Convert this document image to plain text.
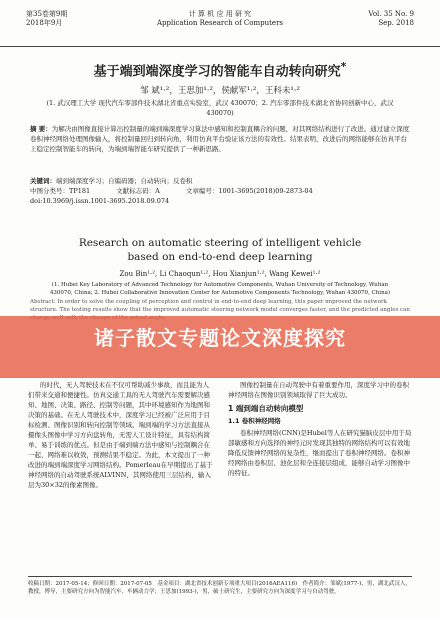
第35卷第9期
2018年9月
计 算 机 应 用 研 究
Application Research of Computers
Vol. 35 No. 9
Sep. 2018
基于端到端深度学习的智能车自动转向研究*
邹 斌¹·²，王思加¹·²，侯献军¹·²，王科未¹·²
(1. 武汉理工大学 现代汽车零部件技术湖北省重点实验室，武汉 430070；2. 汽车零部件技术湖北省协同创新中心，武汉 430070)
摘 要：为解决由图像直接计算出控制量的端到端深度学习算法中感知和控制直耦合的问题，对其网络结构进行了改进。通过建立深度卷积神经网络处理图像输入，将控制量回归到转向角，利用仿真平台验证该方法的有效性。结果表明，改进后的网络能够在仿真平台上稳定控制智能车的转向，为端到端智能车研究提供了一种新思路。
关键词：端到端深度学习；自编码器；自动转向；反卷积
中图分类号：TP181	文献标志码：A	文章编号：1001-3695(2018)09-2873-04
doi:10.3969/j.issn.1001-3695.2018.09.074
Research on automatic steering of intelligent vehicle
based on end-to-end deep learning
Zou Bin¹·², Li Chaoqun¹·², Hou Xianjun¹·², Wang Kewei¹·²
(1. Hubei Key Laboratory of Advanced Technology for Automotive Components, Wuhan University of Technology, Wuhan 430070, China; 2. Hubei Collaborative Innovation Center for Automotive Components Technology, Wuhan 430070, China)
Abstract: In order to solve the coupling of perception and control in end-to-end deep learning, this paper improved the network structure. The testing results show that the improved automatic steering network model converges faster, and the predicted angles can
诸子散文专题论文深度探究
的时代，无人驾驶技术在不仅可帮助减少事故，而且能为人们带来交通和便捷性。仿真交通工具的无人驾驶汽车需要解决感知、地图、决策、路径、控制等问题，其中环境感知作为地图和决策的基础。在无人驾驶技术中，深度学习已经被广泛应用于目标检测、图像识别和转向控制等领域。端到端的学习方法直接从摄像头图像中学习方向盘转角，无需人工设计特征，具有结构简单、易于训练的优点。但是由于端到端方法中感知与控制耦合在一起，网络难以收敛，预测结果不稳定。为此，本文提出了一种改进的端到端深度学习网络结构。Pomerleau在早期提出了基于神经网络的自动驾驶系统ALVINN，其网络使用三层结构，输入层为30×32的像素图像。
图像控制量在自动驾驶中有着重要作用，深度学习中的卷积神经网络在图像识别领域取得了巨大成功。
1 端到端自动转向模型
1.1 卷积神经网络
卷积神经网络(CNN)是Hubel等人在研究猫脑皮层中用于局部敏感和方向选择的神经元时发现其独特的网络结构可以有效地降低反馈神经网络的复杂性，继而提出了卷积神经网络。卷积神经网络由卷积层、池化层和全连接层组成，能够自动学习图像中的特征。
收稿日期：2017-05-14；修回日期：2017-07-05　基金项目：湖北省技术创新专项重大项目(2016AEA116)　作者简介：邹斌(1977-)，男，湖北武汉人，教授，博导，主要研究方向为智能汽车、车辆动力学；王思加(1993-)，男，硕士研究生，主要研究方向为深度学习与自动驾驶。
